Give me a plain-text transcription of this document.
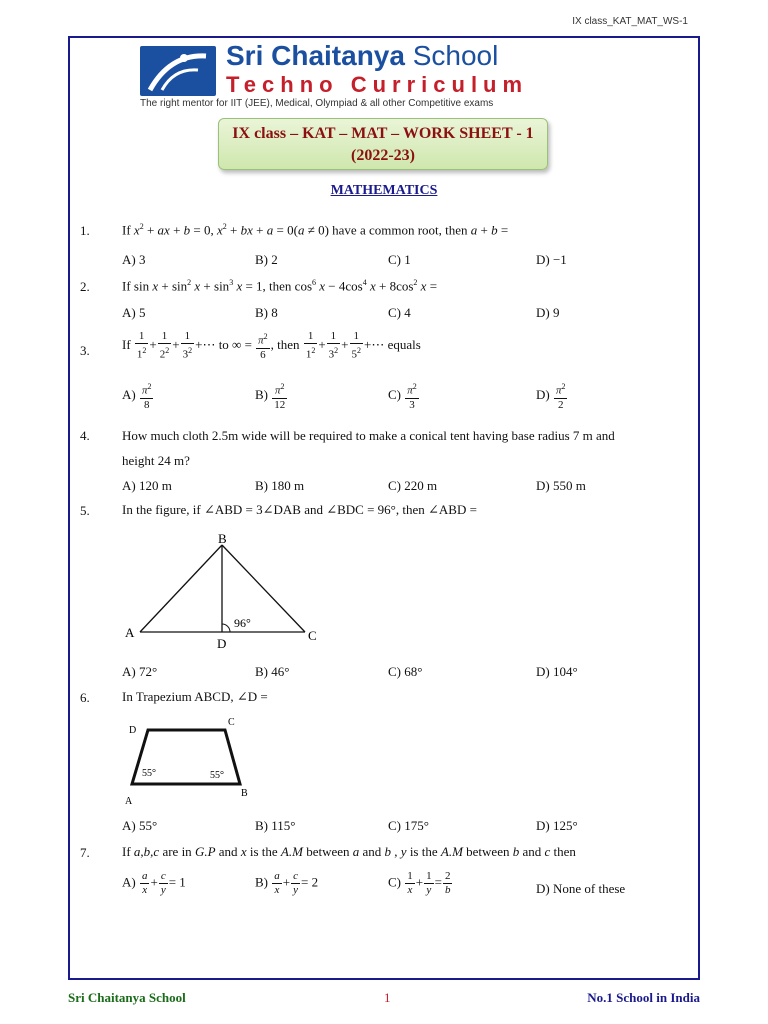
IX class_KAT_MAT_WS-1
Sri Chaitanya School
Techno Curriculum
The right mentor for IIT (JEE), Medical, Olympiad & all other Competitive exams
IX class – KAT – MAT – WORK SHEET - 1
(2022-23)
MATHEMATICS
1. If $x^2$ + ax + b = 0, $x^2$ + bx + a = 0(a ≠ 0) have a common root, then a + b =
A) 3	B) 2	C) 1	D) −1
2. If $\sin x + \sin^2 x + \sin^3 x = 1$, then $\cos^6 x - 4\cos^4$ $x + 8\cos^2$ x =
A) 5	B) 8	C) 4	D) 9
3. If $\frac{1}{1^2} + \frac{1}{2^2} + \frac{1}{3^2}$ +⋯ to ∞ = $\frac{\pi^2}{6}$ , then $\frac{1}{1^2} + \frac{1}{3^2} + \frac{1}{5^2}$ +⋯ equals
$A) \frac{\pi^2}{8}$	$B) \frac{\pi^2}{12}$	$C) \frac{\pi^2}{3}$	$D) \frac{\pi^2}{2}$
4. How much cloth 2.5m wide will be required to make a conical tent having base radius 7 m and
height 24 m?
A) 120 m	B) 180 m	C) 220 m	D) 550 m
5. In the figure, if ∠ABD = 3∠DAB and ∠BDC = 96°, then ∠ABD =
B
A	C
D
96°
A) 72°	B) 46°	C) 68°	D) 104°
6. In Trapezium ABCD, ∠D =
D
C
A
B
55°	55°
A) 55°	B) 115°	C) 175°	D) 125°
7. If a,b,c are in G.P and x is the A.M between a and b , y is the A.M between b and c then
$A) \frac{a}{x} + \frac{c}{y} = 1$	$B) \frac{a}{x} + \frac{c}{y} = 2$	$C) \frac{1}{x} + \frac{1}{y} = \frac{2}{b}$	D) None of these
Sri Chaitanya School	1	No.1 School in India
